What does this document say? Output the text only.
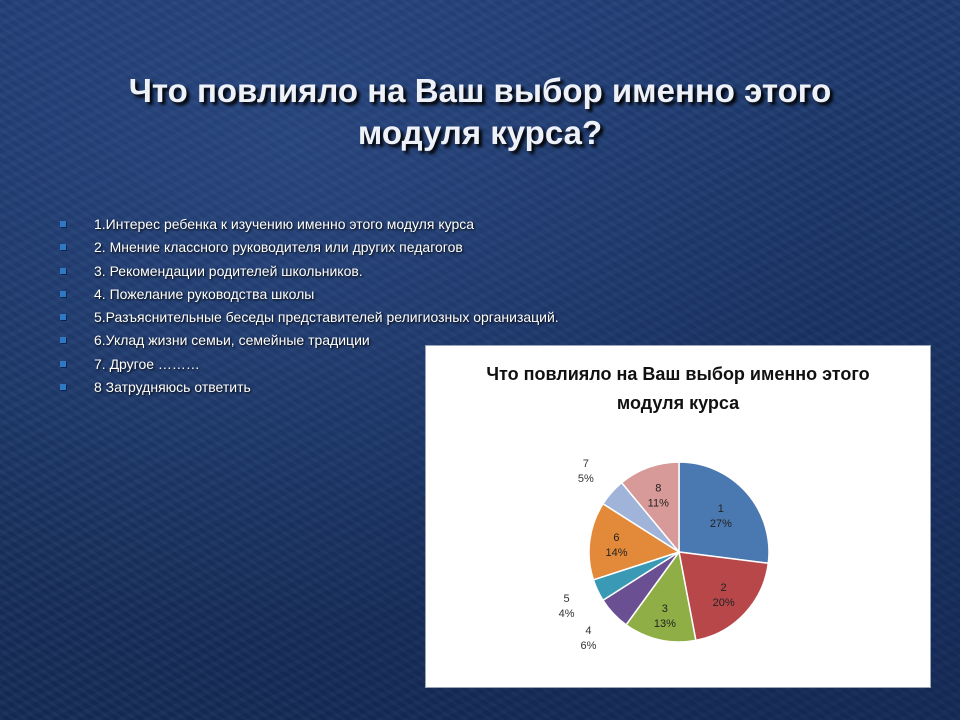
Что повлияло на Ваш выбор именно этого
модуля курса?
1.Интерес ребенка к изучению именно этого модуля курса
2. Мнение классного руководителя или других педагогов
3. Рекомендации родителей школьников.
4. Пожелание руководства школы
5.Разъяснительные беседы представителей религиозных организаций.
6.Уклад жизни семьи, семейные традиции
7. Другое ………
8 Затрудняюсь ответить
Что повлияло на Ваш выбор именно этого
модуля курса
1
27%
2
20%
3
13%
4
6%
5
4%
6
14%
7
5%
8
11%
Shared
